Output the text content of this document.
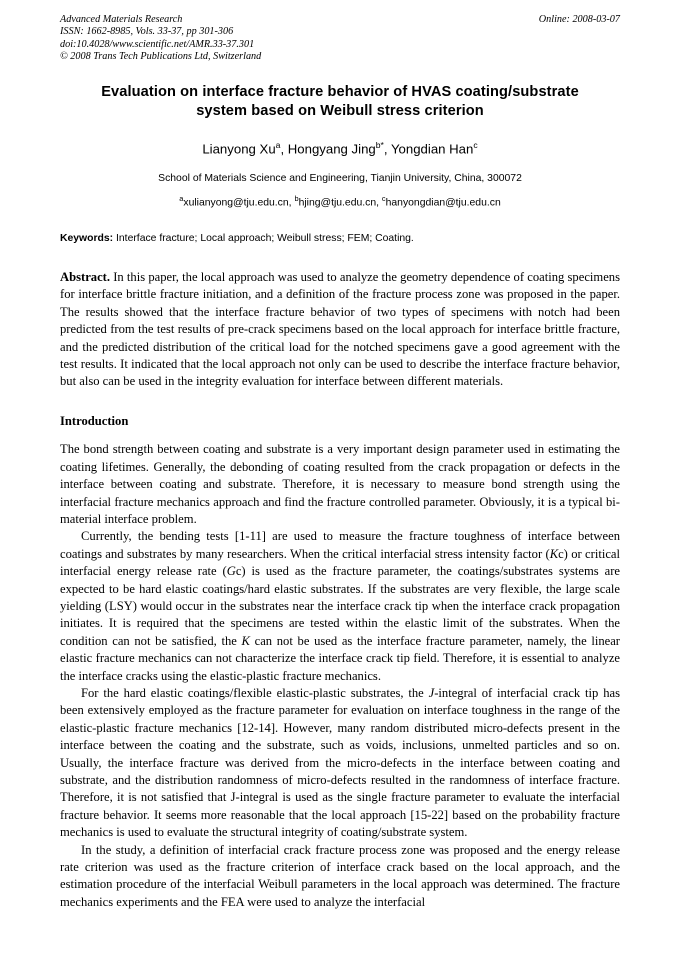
Advanced Materials Research	Online: 2008-03-07
ISSN: 1662-8985, Vols. 33-37, pp 301-306
doi:10.4028/www.scientific.net/AMR.33-37.301
© 2008 Trans Tech Publications Ltd, Switzerland
Evaluation on interface fracture behavior of HVAS coating/substrate
system based on Weibull stress criterion
Lianyong Xu$^a$, Hongyang Jing$^{b*}$, Yongdian Han$^c$
School of Materials Science and Engineering, Tianjin University, China, 300072
$^a$xulianyong@tju.edu.cn, $^b$hjing@tju.edu.cn, $^c$hanyongdian@tju.edu.cn
Keywords: Interface fracture; Local approach; Weibull stress; FEM; Coating.
Abstract. In this paper, the local approach was used to analyze the geometry dependence of coating specimens for interface brittle fracture initiation, and a definition of the fracture process zone was proposed in the paper. The results showed that the interface fracture behavior of two types of specimens with notch had been predicted from the test results of pre-crack specimens based on the local approach for interface brittle fracture, and the predicted distribution of the critical load for the notched specimens gave a good agreement with the test results. It indicated that the local approach not only can be used to describe the interface fracture behavior, but also can be used in the integrity evaluation for interface between different materials.
Introduction
The bond strength between coating and substrate is a very important design parameter used in estimating the coating lifetimes. Generally, the debonding of coating resulted from the crack propagation or defects in the interface between coating and substrate. Therefore, it is necessary to measure bond strength using the interfacial fracture mechanics approach and find the fracture controlled parameter. Obviously, it is a typical bi-material interface problem.
Currently, the bending tests [1-11] are used to measure the fracture toughness of interface between coatings and substrates by many researchers. When the critical interfacial stress intensity factor (Kc) or critical interfacial energy release rate (Gc) is used as the fracture parameter, the coatings/substrates systems are expected to be hard elastic coatings/hard elastic substrates. If the substrates are very flexible, the large scale yielding (LSY) would occur in the substrates near the interface crack tip when the interface crack propagation initiates. It is required that the specimens are tested within the elastic limit of the substrates. When the condition can not be satisfied, the K can not be used as the interface fracture parameter, namely, the linear elastic fracture mechanics can not characterize the interface crack tip field. Therefore, it is essential to analyze the interface cracks using the elastic-plastic fracture mechanics.
For the hard elastic coatings/flexible elastic-plastic substrates, the J-integral of interfacial crack tip has been extensively employed as the fracture parameter for evaluation on interface toughness in the range of the elastic-plastic fracture mechanics [12-14]. However, many random distributed micro-defects present in the interface between the coating and the substrate, such as voids, inclusions, unmelted particles and so on. Usually, the interface fracture was derived from the micro-defects in the interface between coating and substrate, and the distribution randomness of micro-defects resulted in the randomness of interface fracture. Therefore, it is not satisfied that J-integral is used as the single fracture parameter to evaluate the interfacial fracture behavior. It seems more reasonable that the local approach [15-22] based on the probability fracture mechanics is used to evaluate the structural integrity of coating/substrate system.
In the study, a definition of interfacial crack fracture process zone was proposed and the energy release rate criterion was used as the fracture criterion of interface crack based on the local approach, and the estimation procedure of the interfacial Weibull parameters in the local approach was determined. The fracture mechanics experiments and the FEA were used to analyze the interfacial
